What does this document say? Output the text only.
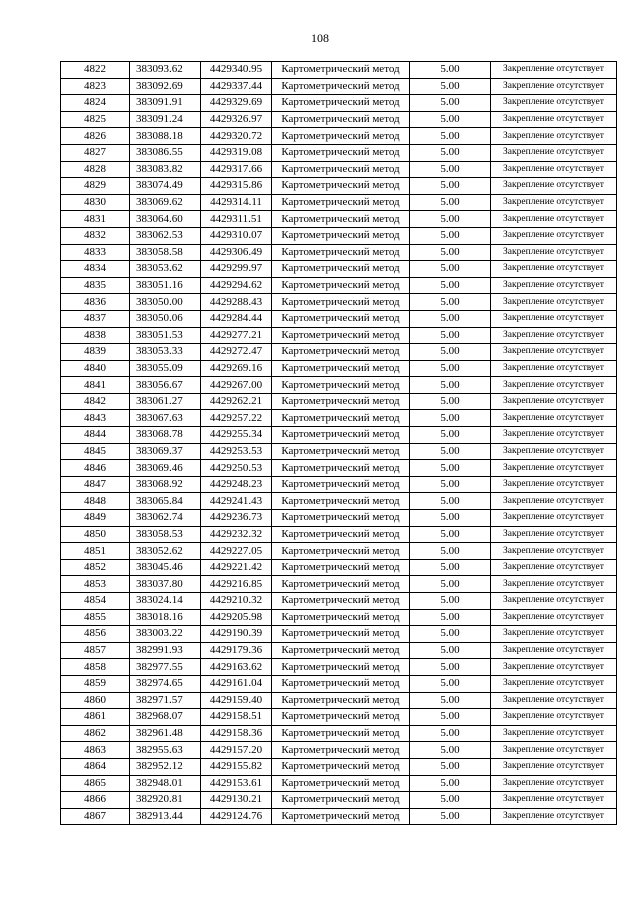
108
4822	383093.62	4429340.95	Картометрический метод	5.00	Закрепление отсутствует
4823	383092.69	4429337.44	Картометрический метод	5.00	Закрепление отсутствует
4824	383091.91	4429329.69	Картометрический метод	5.00	Закрепление отсутствует
4825	383091.24	4429326.97	Картометрический метод	5.00	Закрепление отсутствует
4826	383088.18	4429320.72	Картометрический метод	5.00	Закрепление отсутствует
4827	383086.55	4429319.08	Картометрический метод	5.00	Закрепление отсутствует
4828	383083.82	4429317.66	Картометрический метод	5.00	Закрепление отсутствует
4829	383074.49	4429315.86	Картометрический метод	5.00	Закрепление отсутствует
4830	383069.62	4429314.11	Картометрический метод	5.00	Закрепление отсутствует
4831	383064.60	4429311.51	Картометрический метод	5.00	Закрепление отсутствует
4832	383062.53	4429310.07	Картометрический метод	5.00	Закрепление отсутствует
4833	383058.58	4429306.49	Картометрический метод	5.00	Закрепление отсутствует
4834	383053.62	4429299.97	Картометрический метод	5.00	Закрепление отсутствует
4835	383051.16	4429294.62	Картометрический метод	5.00	Закрепление отсутствует
4836	383050.00	4429288.43	Картометрический метод	5.00	Закрепление отсутствует
4837	383050.06	4429284.44	Картометрический метод	5.00	Закрепление отсутствует
4838	383051.53	4429277.21	Картометрический метод	5.00	Закрепление отсутствует
4839	383053.33	4429272.47	Картометрический метод	5.00	Закрепление отсутствует
4840	383055.09	4429269.16	Картометрический метод	5.00	Закрепление отсутствует
4841	383056.67	4429267.00	Картометрический метод	5.00	Закрепление отсутствует
4842	383061.27	4429262.21	Картометрический метод	5.00	Закрепление отсутствует
4843	383067.63	4429257.22	Картометрический метод	5.00	Закрепление отсутствует
4844	383068.78	4429255.34	Картометрический метод	5.00	Закрепление отсутствует
4845	383069.37	4429253.53	Картометрический метод	5.00	Закрепление отсутствует
4846	383069.46	4429250.53	Картометрический метод	5.00	Закрепление отсутствует
4847	383068.92	4429248.23	Картометрический метод	5.00	Закрепление отсутствует
4848	383065.84	4429241.43	Картометрический метод	5.00	Закрепление отсутствует
4849	383062.74	4429236.73	Картометрический метод	5.00	Закрепление отсутствует
4850	383058.53	4429232.32	Картометрический метод	5.00	Закрепление отсутствует
4851	383052.62	4429227.05	Картометрический метод	5.00	Закрепление отсутствует
4852	383045.46	4429221.42	Картометрический метод	5.00	Закрепление отсутствует
4853	383037.80	4429216.85	Картометрический метод	5.00	Закрепление отсутствует
4854	383024.14	4429210.32	Картометрический метод	5.00	Закрепление отсутствует
4855	383018.16	4429205.98	Картометрический метод	5.00	Закрепление отсутствует
4856	383003.22	4429190.39	Картометрический метод	5.00	Закрепление отсутствует
4857	382991.93	4429179.36	Картометрический метод	5.00	Закрепление отсутствует
4858	382977.55	4429163.62	Картометрический метод	5.00	Закрепление отсутствует
4859	382974.65	4429161.04	Картометрический метод	5.00	Закрепление отсутствует
4860	382971.57	4429159.40	Картометрический метод	5.00	Закрепление отсутствует
4861	382968.07	4429158.51	Картометрический метод	5.00	Закрепление отсутствует
4862	382961.48	4429158.36	Картометрический метод	5.00	Закрепление отсутствует
4863	382955.63	4429157.20	Картометрический метод	5.00	Закрепление отсутствует
4864	382952.12	4429155.82	Картометрический метод	5.00	Закрепление отсутствует
4865	382948.01	4429153.61	Картометрический метод	5.00	Закрепление отсутствует
4866	382920.81	4429130.21	Картометрический метод	5.00	Закрепление отсутствует
4867	382913.44	4429124.76	Картометрический метод	5.00	Закрепление отсутствует
